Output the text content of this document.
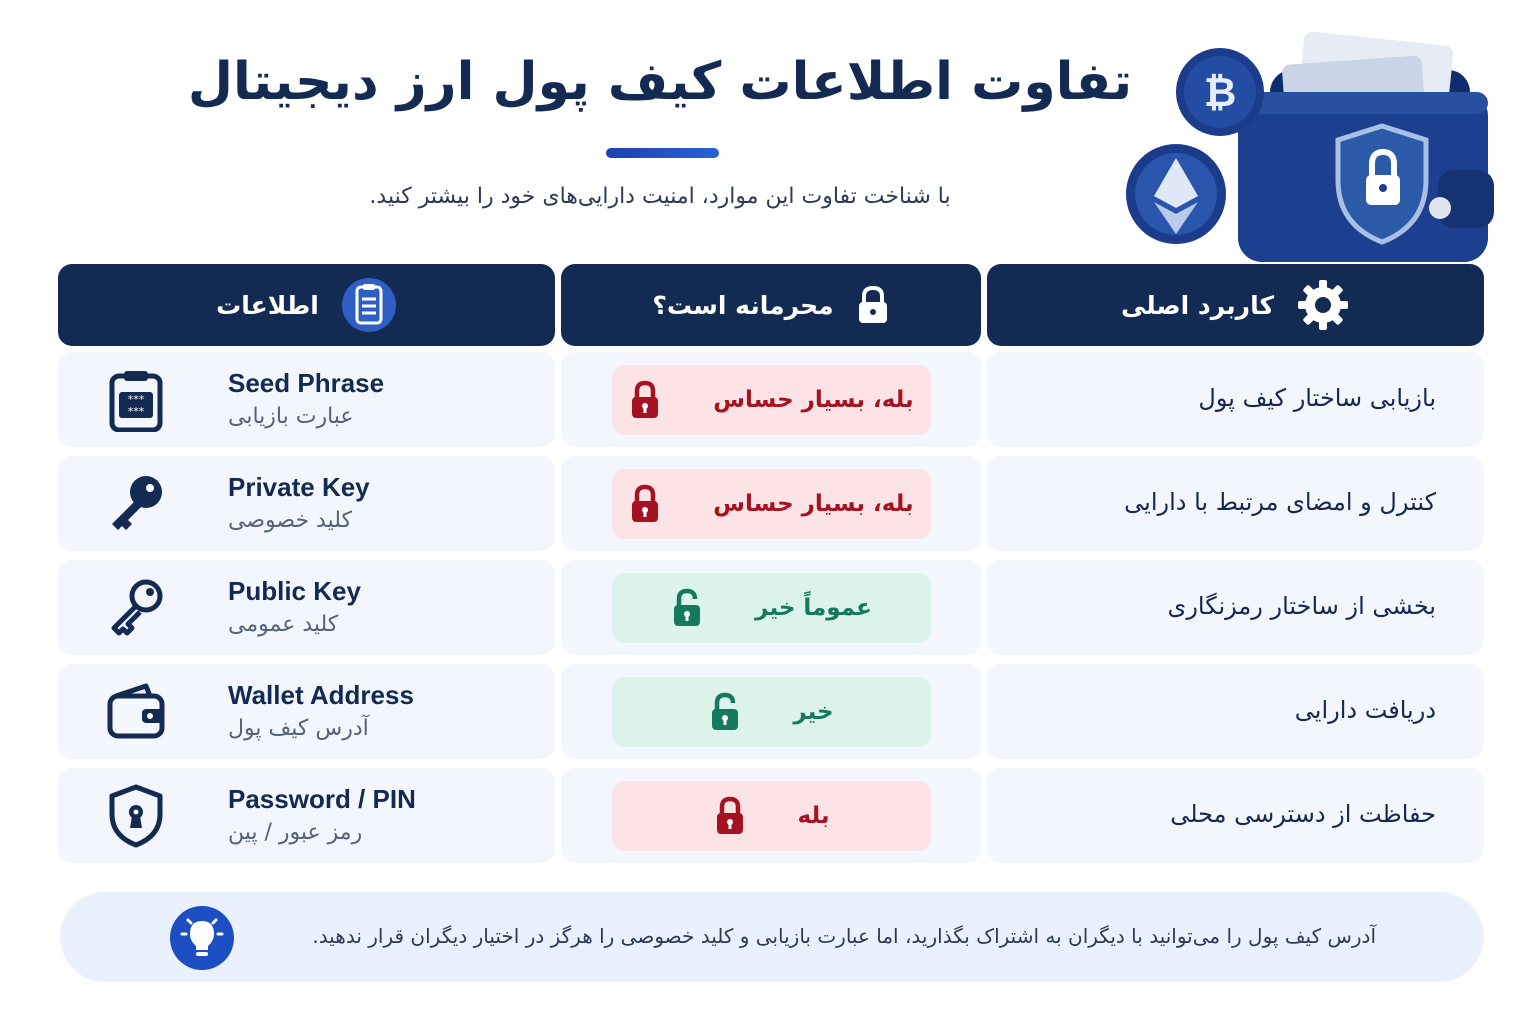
تفاوت اطلاعات کیف پول ارز دیجیتال
با شناخت تفاوت این موارد، امنیت دارایی‌های خود را بیشتر کنید.
₿
اطلاعات	محرمانه است؟	کاربرد اصلی
***
***
Seed Phrase
عبارت بازیابی
بله، بسیار حساس	بازیابی ساختار کیف پول
Private Key
کلید خصوصی
بله، بسیار حساس	کنترل و امضای مرتبط با دارایی
Public Key
کلید عمومی
عموماً خیر	بخشی از ساختار رمزنگاری
Wallet Address
آدرس کیف پول
خیر	دریافت دارایی
Password / PIN
رمز عبور / پین
بله	حفاظت از دسترسی محلی
آدرس کیف پول را می‌توانید با دیگران به اشتراک بگذارید، اما عبارت بازیابی و کلید خصوصی را هرگز در اختیار دیگران قرار ندهید.
